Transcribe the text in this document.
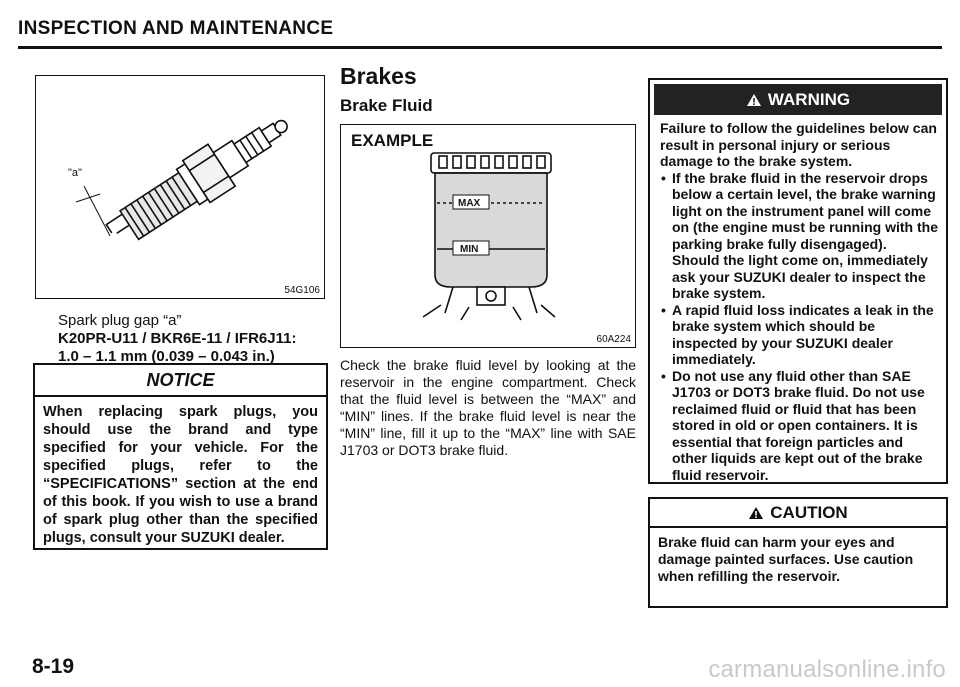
INSPECTION AND MAINTENANCE
"a"
54G106
Spark plug gap “a”
K20PR-U11 / BKR6E-11 / IFR6J11:
1.0 – 1.1 mm (0.039 – 0.043 in.)
NOTICE
When replacing spark plugs, you should use the brand and type specified for your vehicle. For the specified plugs, refer to the “SPECIFICATIONS” section at the end of this book. If you wish to use a brand of spark plug other than the specified plugs, consult your SUZUKI dealer.
8-19
Brakes
Brake Fluid
EXAMPLE
MAX
MIN
60A224
Check the brake fluid level by looking at the reservoir in the engine compartment. Check that the fluid level is between the “MAX” and “MIN” lines. If the brake fluid level is near the “MIN” line, fill it up to the “MAX” line with SAE J1703 or DOT3 brake fluid.
WARNING
Failure to follow the guidelines below can result in personal injury or serious damage to the brake system.
• If the brake fluid in the reservoir drops below a certain level, the brake warning light on the instrument panel will come on (the engine must be running with the parking brake fully disengaged). Should the light come on, immediately ask your SUZUKI dealer to inspect the brake system.
• A rapid fluid loss indicates a leak in the brake system which should be inspected by your SUZUKI dealer immediately.
• Do not use any fluid other than SAE J1703 or DOT3 brake fluid. Do not use reclaimed fluid or fluid that has been stored in old or open containers. It is essential that foreign particles and other liquids are kept out of the brake fluid reservoir.
CAUTION
Brake fluid can harm your eyes and damage painted surfaces. Use caution when refilling the reservoir.
carmanualsonline.info
